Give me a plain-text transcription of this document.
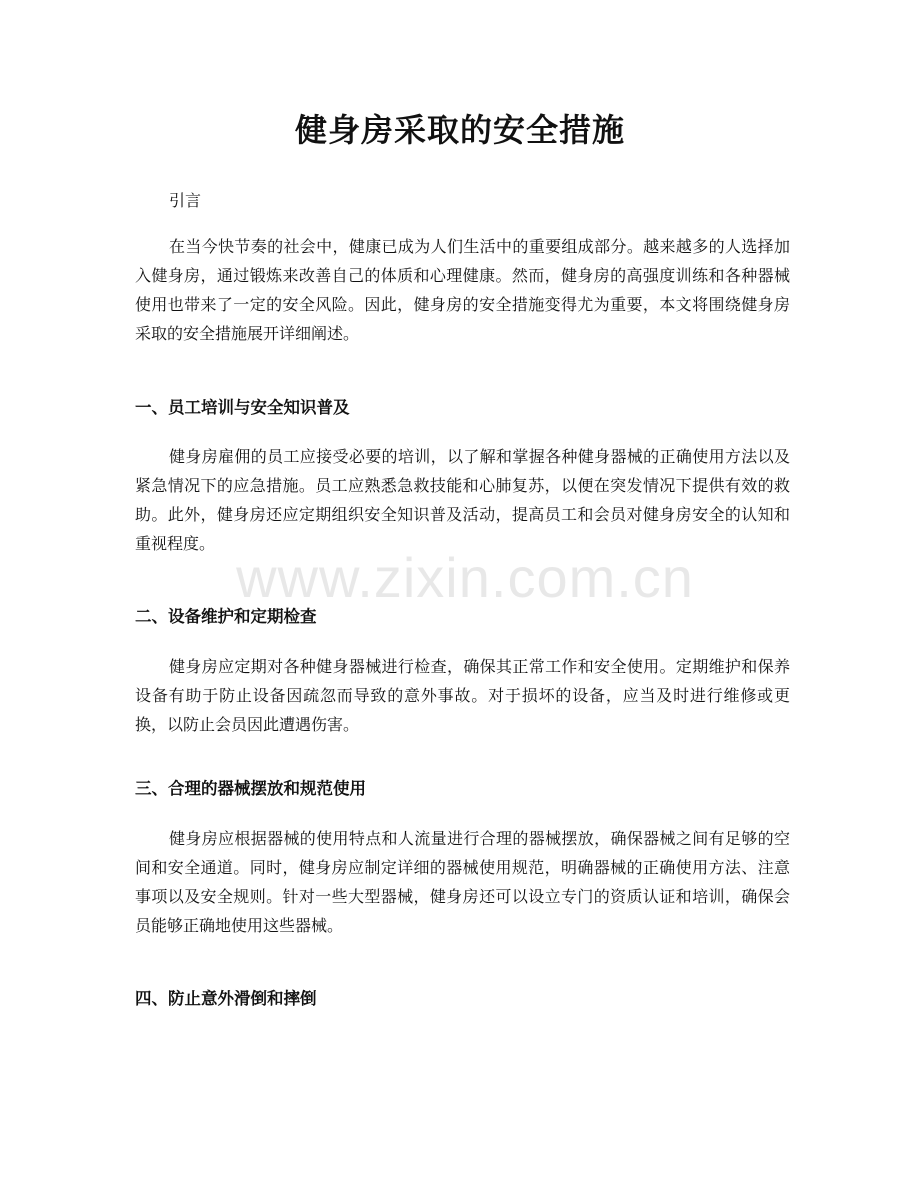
健身房采取的安全措施

引言

在当今快节奏的社会中，健康已成为人们生活中的重要组成部分。越来越多的人选择加入健身房，通过锻炼来改善自己的体质和心理健康。然而，健身房的高强度训练和各种器械使用也带来了一定的安全风险。因此，健身房的安全措施变得尤为重要，本文将围绕健身房采取的安全措施展开详细阐述。

一、员工培训与安全知识普及

健身房雇佣的员工应接受必要的培训，以了解和掌握各种健身器械的正确使用方法以及紧急情况下的应急措施。员工应熟悉急救技能和心肺复苏，以便在突发情况下提供有效的救助。此外，健身房还应定期组织安全知识普及活动，提高员工和会员对健身房安全的认知和重视程度。

二、设备维护和定期检查

健身房应定期对各种健身器械进行检查，确保其正常工作和安全使用。定期维护和保养设备有助于防止设备因疏忽而导致的意外事故。对于损坏的设备，应当及时进行维修或更换，以防止会员因此遭遇伤害。

三、合理的器械摆放和规范使用

健身房应根据器械的使用特点和人流量进行合理的器械摆放，确保器械之间有足够的空间和安全通道。同时，健身房应制定详细的器械使用规范，明确器械的正确使用方法、注意事项以及安全规则。针对一些大型器械，健身房还可以设立专门的资质认证和培训，确保会员能够正确地使用这些器械。

四、防止意外滑倒和摔倒
www.zixin.com.cn
